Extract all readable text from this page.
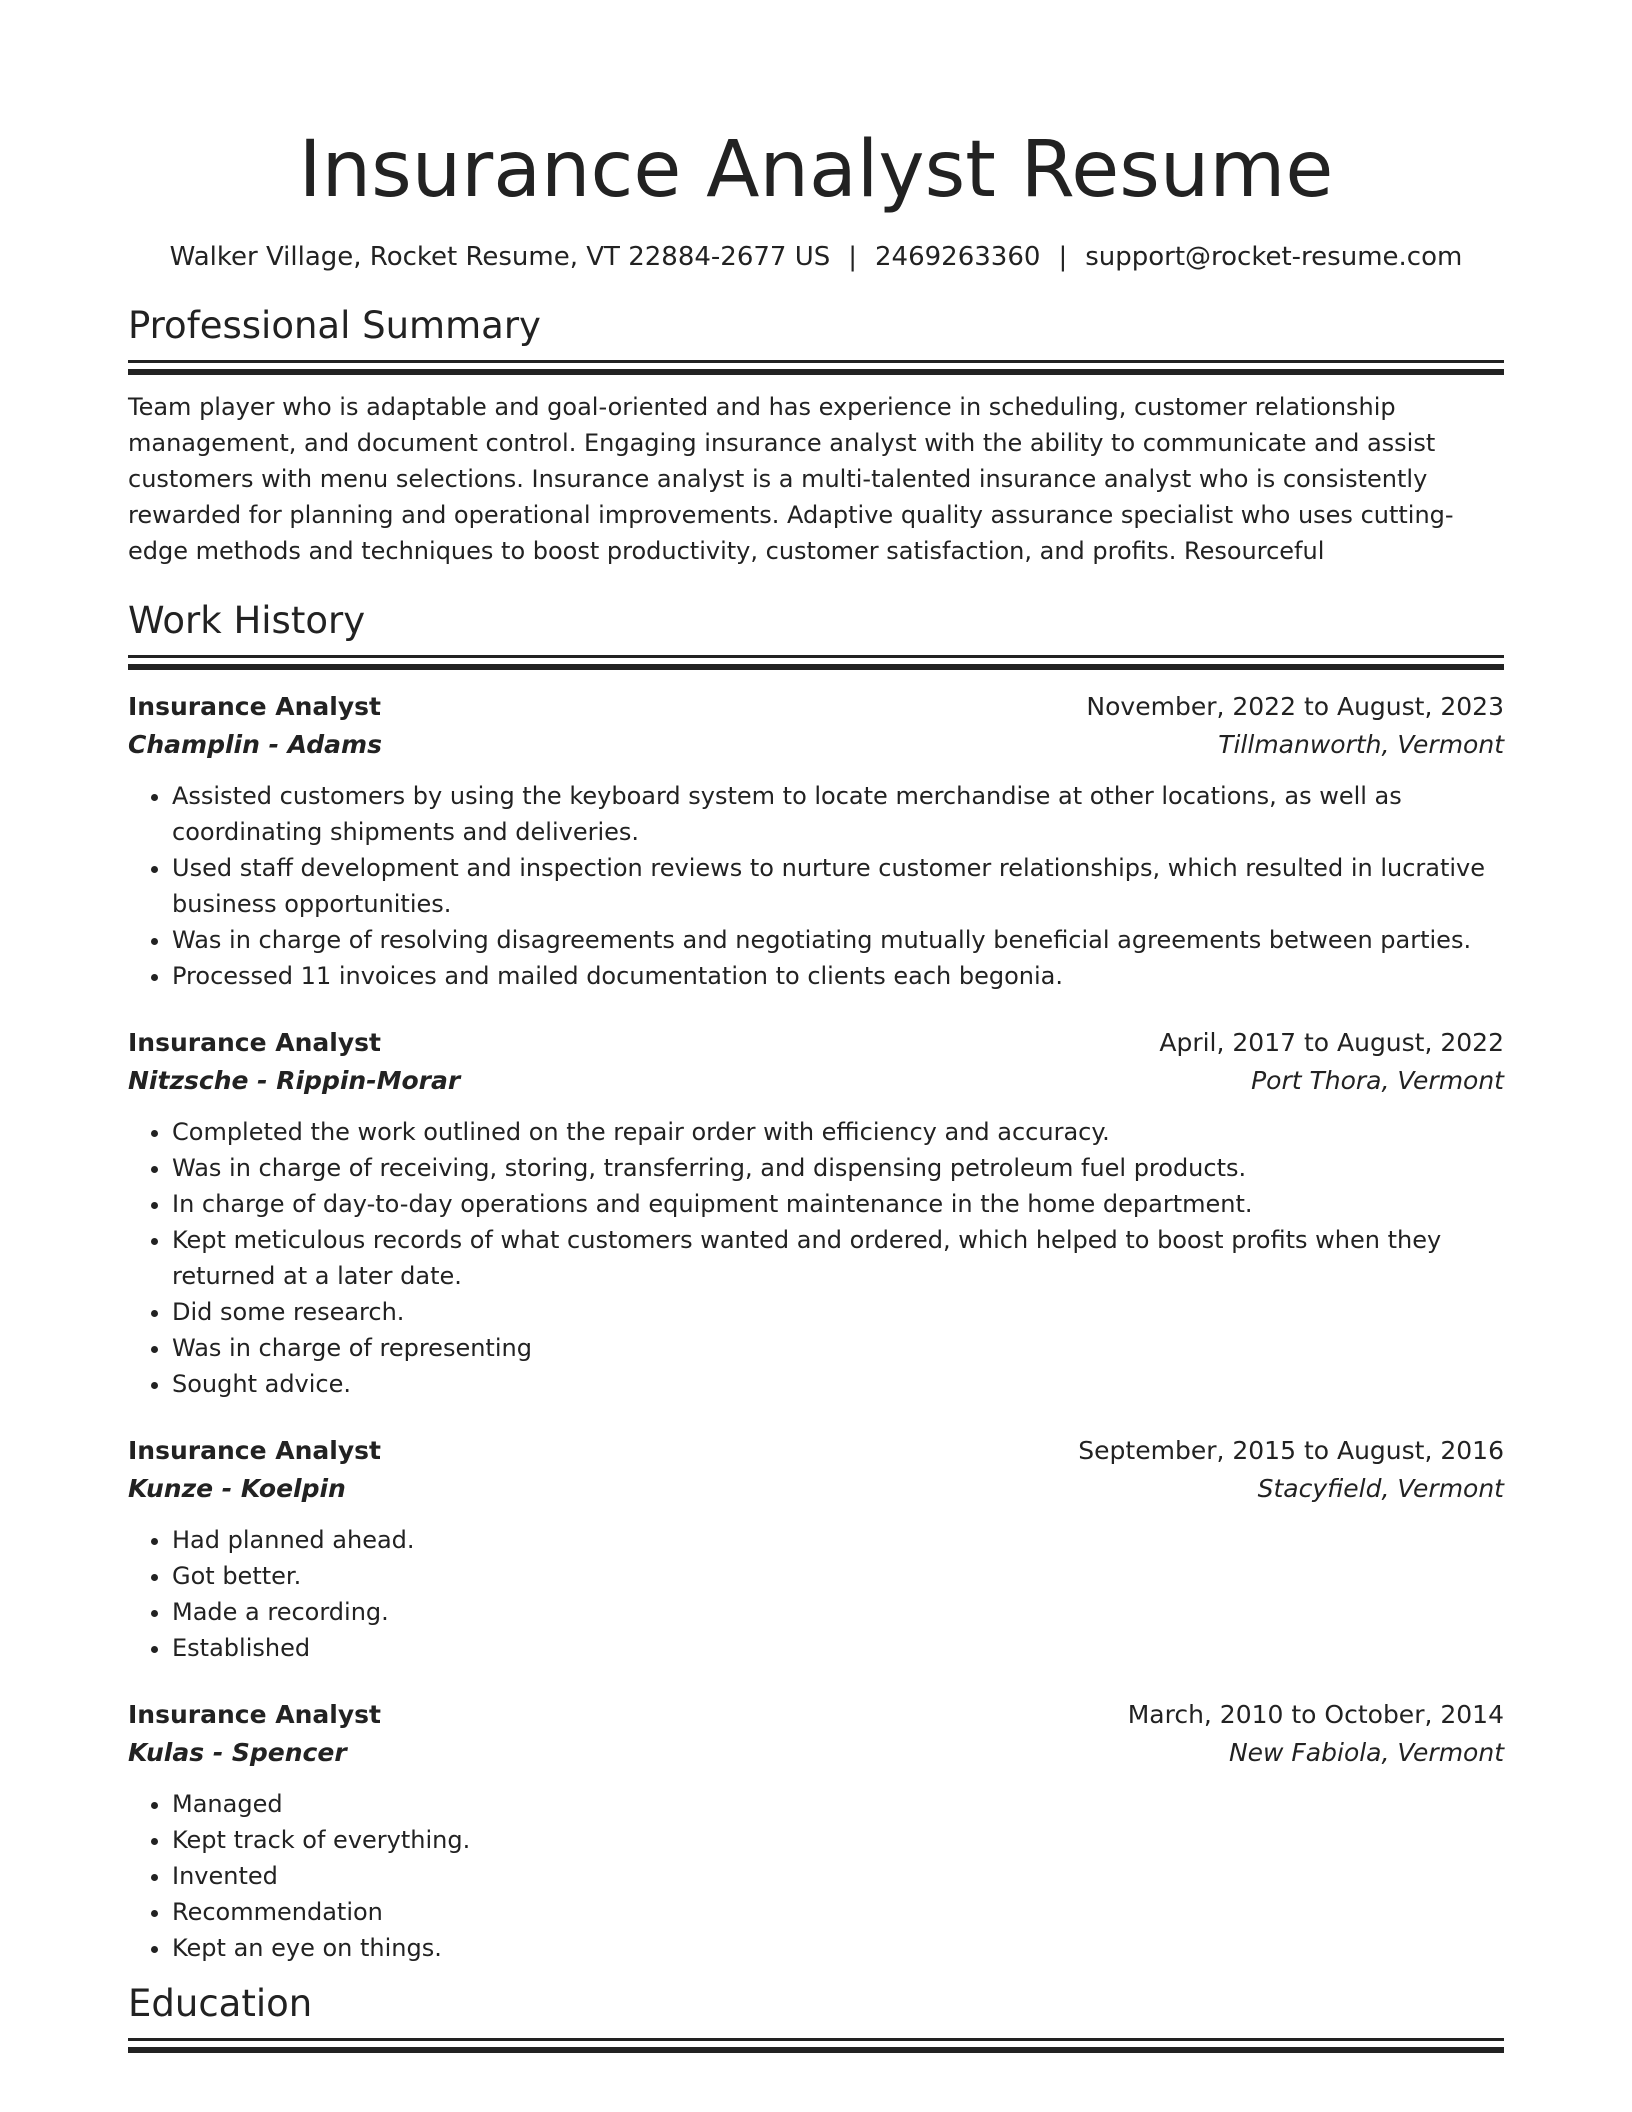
Insurance Analyst Resume
Walker Village, Rocket Resume, VT 22884-2677 US | 2469263360 | support@rocket-resume.com
Professional Summary

Team player who is adaptable and goal-oriented and has experience in scheduling, customer relationship management, and document control. Engaging insurance analyst with the ability to communicate and assist customers with menu selections. Insurance analyst is a multi-talented insurance analyst who is consistently rewarded for planning and operational improvements. Adaptive quality assurance specialist who uses cutting-edge methods and techniques to boost productivity, customer satisfaction, and profits. Resourceful

Work History
Insurance Analyst	November, 2022 to August, 2023
Champlin - Adams	Tillmanworth, Vermont
• Assisted customers by using the keyboard system to locate merchandise at other locations, as well as coordinating shipments and deliveries.
• Used staff development and inspection reviews to nurture customer relationships, which resulted in lucrative business opportunities.
• Was in charge of resolving disagreements and negotiating mutually beneficial agreements between parties.
• Processed 11 invoices and mailed documentation to clients each begonia.
Insurance Analyst	April, 2017 to August, 2022
Nitzsche - Rippin-Morar	Port Thora, Vermont
• Completed the work outlined on the repair order with efficiency and accuracy.
• Was in charge of receiving, storing, transferring, and dispensing petroleum fuel products.
• In charge of day-to-day operations and equipment maintenance in the home department.
• Kept meticulous records of what customers wanted and ordered, which helped to boost profits when they returned at a later date.
• Did some research.
• Was in charge of representing
• Sought advice.
Insurance Analyst	September, 2015 to August, 2016
Kunze - Koelpin	Stacyfield, Vermont
• Had planned ahead.
• Got better.
• Made a recording.
• Established
Insurance Analyst	March, 2010 to October, 2014
Kulas - Spencer	New Fabiola, Vermont
• Managed
• Kept track of everything.
• Invented
• Recommendation
• Kept an eye on things.
Education
